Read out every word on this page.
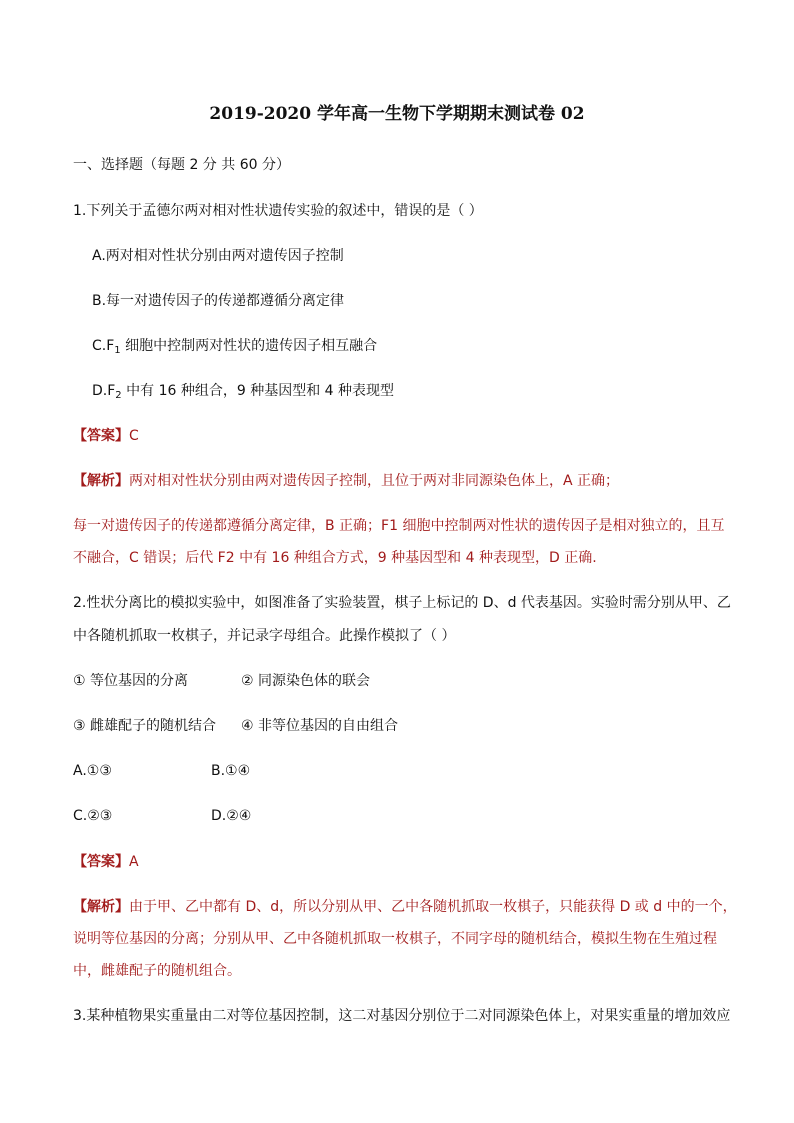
2019-2020 学年高一生物下学期期末测试卷 02
一、选择题（每题 2 分 共 60 分）
1.下列关于孟德尔两对相对性状遗传实验的叙述中，错误的是（ ）
A.两对相对性状分别由两对遗传因子控制
B.每一对遗传因子的传递都遵循分离定律
$C.F_1$ 细胞中控制两对性状的遗传因子相互融合
$D.F_2$ 中有 16 种组合，9 种基因型和 4 种表现型
【答案】C
【解析】两对相对性状分别由两对遗传因子控制，且位于两对非同源染色体上，A 正确；
每一对遗传因子的传递都遵循分离定律，B 正确；F1 细胞中控制两对性状的遗传因子是相对独立的，且互
不融合，C 错误；后代 F2 中有 16 种组合方式，9 种基因型和 4 种表现型，D 正确.
2.性状分离比的模拟实验中，如图准备了实验装置，棋子上标记的 D、d 代表基因。实验时需分别从甲、乙
中各随机抓取一枚棋子，并记录字母组合。此操作模拟了（ ）
① 等位基因的分离	② 同源染色体的联会
③ 雌雄配子的随机结合 ④ 非等位基因的自由组合
A.①③	B.①④
C.②③	D.②④
【答案】A
【解析】由于甲、乙中都有 D、d，所以分别从甲、乙中各随机抓取一枚棋子，只能获得 D 或 d 中的一个，
说明等位基因的分离；分别从甲、乙中各随机抓取一枚棋子，不同字母的随机结合，模拟生物在生殖过程
中，雌雄配子的随机组合。
3.某种植物果实重量由二对等位基因控制，这二对基因分别位于二对同源染色体上，对果实重量的增加效应
